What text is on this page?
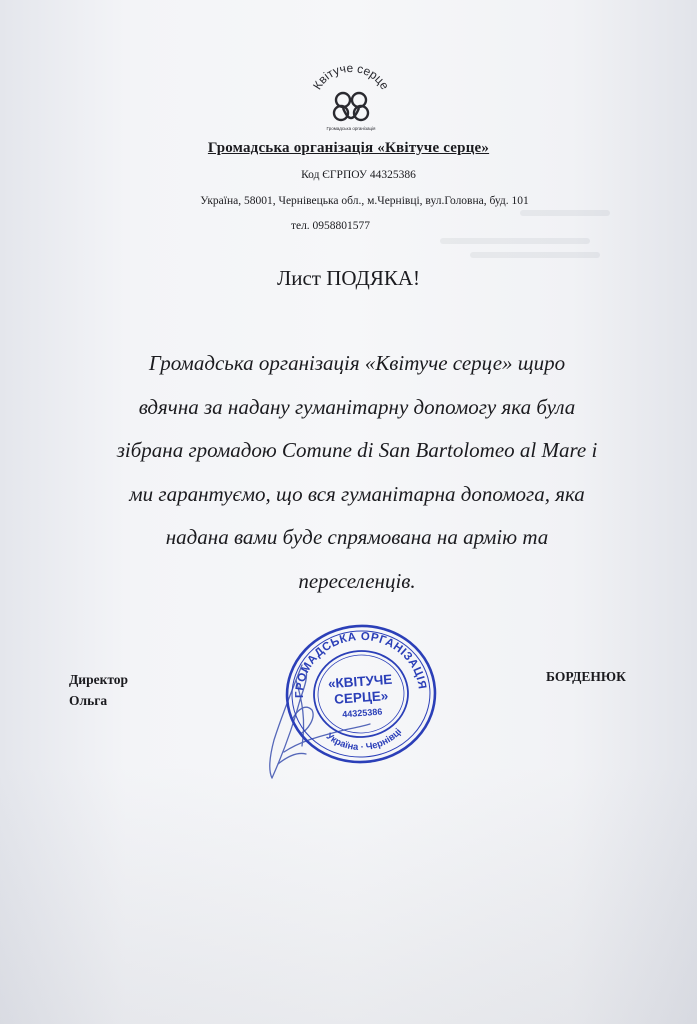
Квітуче серце
Громадська організація
Громадська організація «Квітуче серце»
Код ЄГРПОУ 44325386
Україна, 58001, Чернівецька обл., м.Чернівці, вул.Головна, буд. 101
тел. 0958801577
Лист ПОДЯКА!
Громадська організація «Квітуче серце» щиро
вдячна за надану гуманітарну допомогу яка була
зібрана громадою Comune di San Bartolomeo al Mare і
ми гарантуємо, що вся гуманітарна допомога, яка
надана вами буде спрямована на армію та
переселенців.
Директор
Ольга
БОРДЕНЮК
ГРОМАДСЬКА ОРГАНІЗАЦІЯ
Україна · Чернівці
«КВІТУЧЕ
СЕРЦЕ»
44325386
